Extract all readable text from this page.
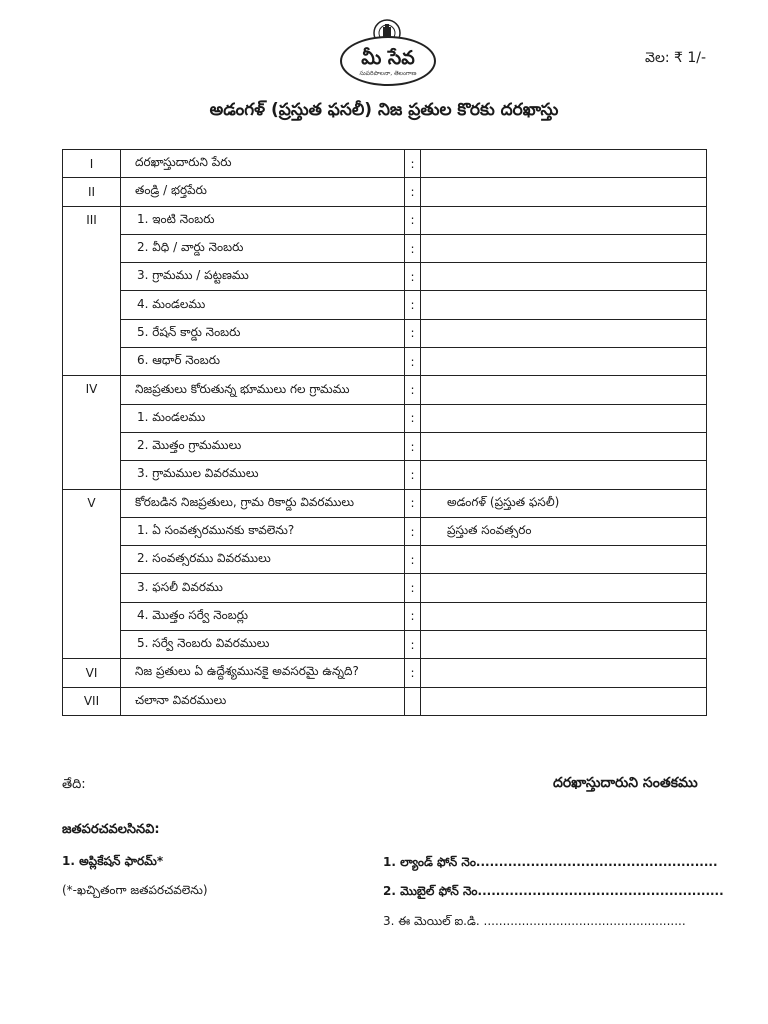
మీ సేవ
సుపరిపాలనా, తెలంగాణ
వెల: ₹ 1/-
అడంగళ్ (ప్రస్తుత ఫసలీ) నిజ ప్రతుల కొరకు దరఖాస్తు
I	దరఖాస్తుదారుని పేరు	:	
II	తండ్రి / భర్తపేరు	:	
III	1. ఇంటి నెంబరు	:	
	2. వీధి / వార్డు నెంబరు	:	
	3. గ్రామము / పట్టణము	:	
	4. మండలము	:	
	5. రేషన్ కార్డు నెంబరు	:	
	6. ఆధార్ నెంబరు	:	
IV	నిజప్రతులు కోరుతున్న భూములు గల గ్రామము	:	
	1. మండలము	:	
	2. మొత్తం గ్రామములు	:	
	3. గ్రామముల వివరములు	:	
V	కోరబడిన నిజప్రతులు, గ్రామ రికార్డు వివరములు	:	అడంగళ్ (ప్రస్తుత ఫసలీ)
	1. ఏ సంవత్సరమునకు కావలెను?	:	ప్రస్తుత సంవత్సరం
	2. సంవత్సరము వివరములు	:	
	3. ఫసలీ వివరము	:	
	4. మొత్తం సర్వే నెంబర్లు	:	
	5. సర్వే నెంబరు వివరములు	:	
VI	నిజ ప్రతులు ఏ ఉద్దేశ్యమునకై అవసరమై ఉన్నది?	:	
VII	చలానా వివరములు		
తేది:	దరఖాస్తుదారుని సంతకము
జతపరచవలసినవి:
1. అప్లికేషన్ ఫారమ్*
(*-ఖచ్చితంగా జతపరచవలెను)
1. ల్యాండ్ ఫోన్ నెం.....................................................
2. మొబైల్ ఫోన్ నెం......................................................
3. ఈ మెయిల్ ఐ.డి. .....................................................
